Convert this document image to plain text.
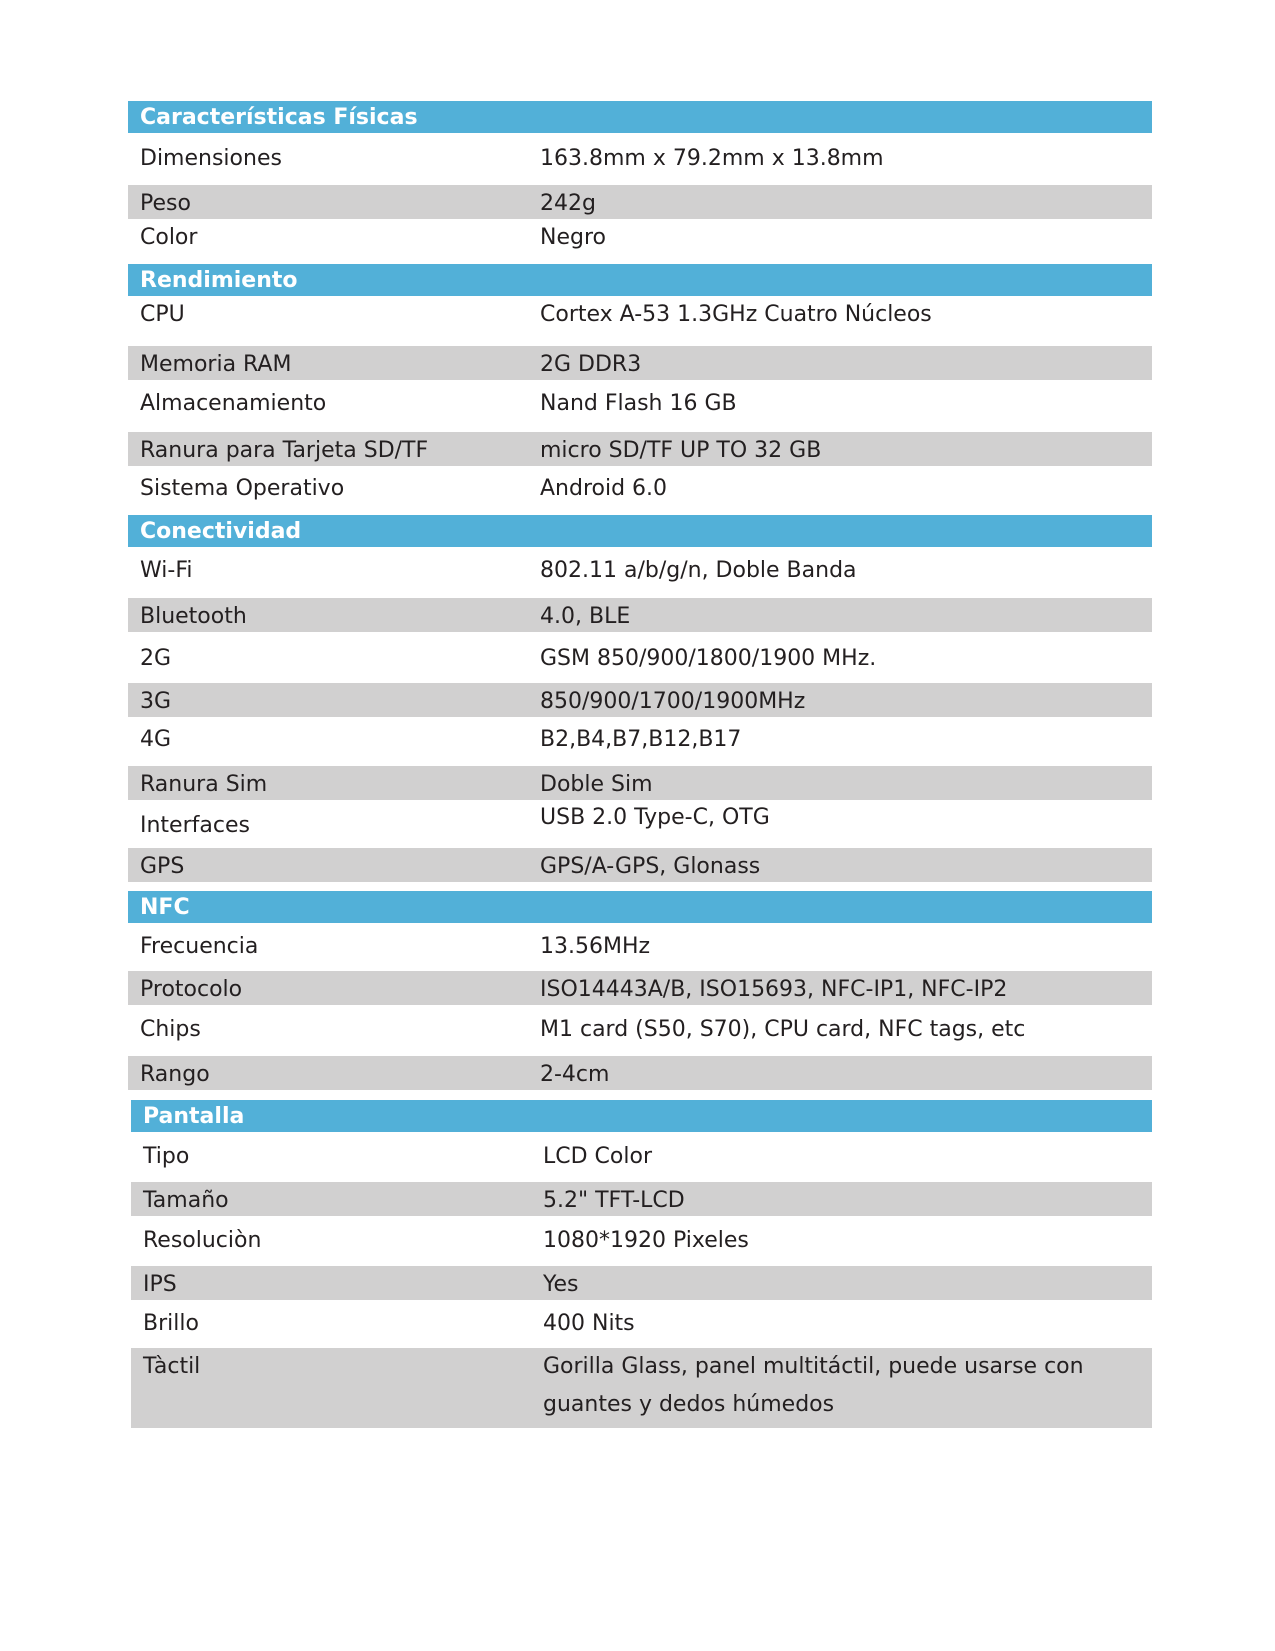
Características Físicas
Dimensiones	163.8mm x 79.2mm x 13.8mm
Peso	242g
Color	Negro
Rendimiento
CPU	Cortex A-53 1.3GHz Cuatro Núcleos
Memoria RAM	2G DDR3
Almacenamiento	Nand Flash 16 GB
Ranura para Tarjeta SD/TF	micro SD/TF UP TO 32 GB
Sistema Operativo	Android 6.0
Conectividad
Wi-Fi	802.11 a/b/g/n, Doble Banda
Bluetooth	4.0, BLE
2G	GSM 850/900/1800/1900 MHz.
3G	850/900/1700/1900MHz
4G	B2,B4,B7,B12,B17
Ranura Sim	Doble Sim
Interfaces	USB 2.0 Type-C, OTG
GPS	GPS/A-GPS, Glonass
NFC
Frecuencia	13.56MHz
Protocolo	ISO14443A/B, ISO15693, NFC-IP1, NFC-IP2
Chips	M1 card (S50, S70), CPU card, NFC tags, etc
Rango	2-4cm
Pantalla
Tipo	LCD Color
Tamaño	5.2" TFT-LCD
Resoluciòn	1080*1920 Pixeles
IPS	Yes
Brillo	400 Nits
Tàctil	Gorilla Glass, panel multitáctil, puede usarse con guantes y dedos húmedos
